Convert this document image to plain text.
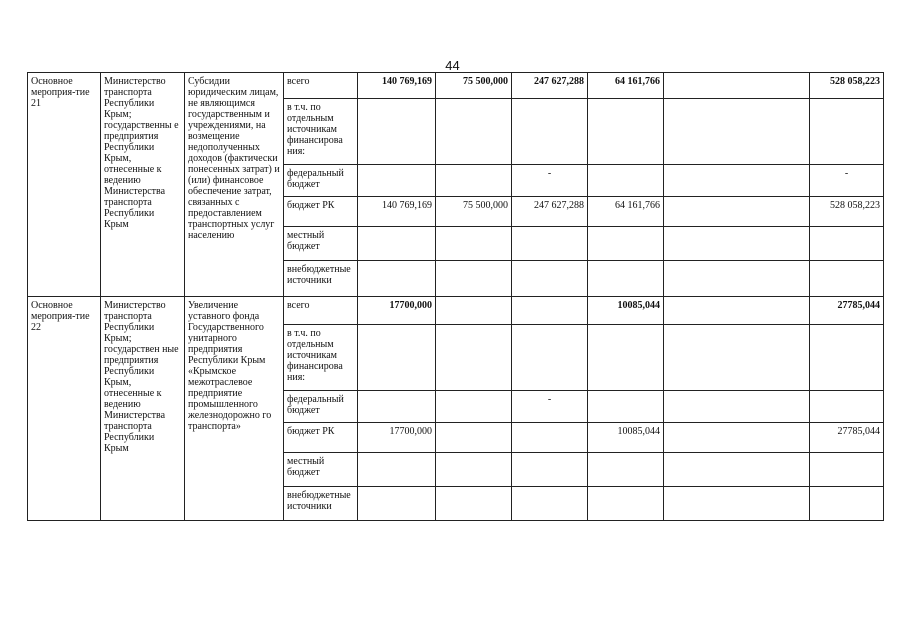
44
Основное мероприя-тие 21	Министерство транспорта Республики Крым; государственны е предприятия Республики Крым, отнесенные к ведению Министерства транспорта Республики Крым	Субсидии юридическим лицам, не являющимся государственным и учреждениями, на возмещение недополученных доходов (фактически понесенных затрат) и (или) финансовое обеспечение затрат, связанных с предоставлением транспортных услуг населению	всего	140 769,169	75 500,000	247 627,288	64 161,766		528 058,223
			в т.ч. по отдельным источникам финансирова ния:						
			федеральный бюджет			-			-
			бюджет РК	140 769,169	75 500,000	247 627,288	64 161,766		528 058,223
			местный бюджет						
			внебюджетные источники						
Основное мероприя-тие 22	Министерство транспорта Республики Крым; государствен ные предприятия Республики Крым, отнесенные к ведению Министерства транспорта Республики Крым	Увеличение уставного фонда Государственного унитарного предприятия Республики Крым «Крымское межотраслевое предприятие промышленного железнодорожно го транспорта»	всего	17700,000			10085,044		27785,044
			в т.ч. по отдельным источникам финансирова ния:						
			федеральный бюджет			-			
			бюджет РК	17700,000			10085,044		27785,044
			местный бюджет						
			внебюджетные источники						
